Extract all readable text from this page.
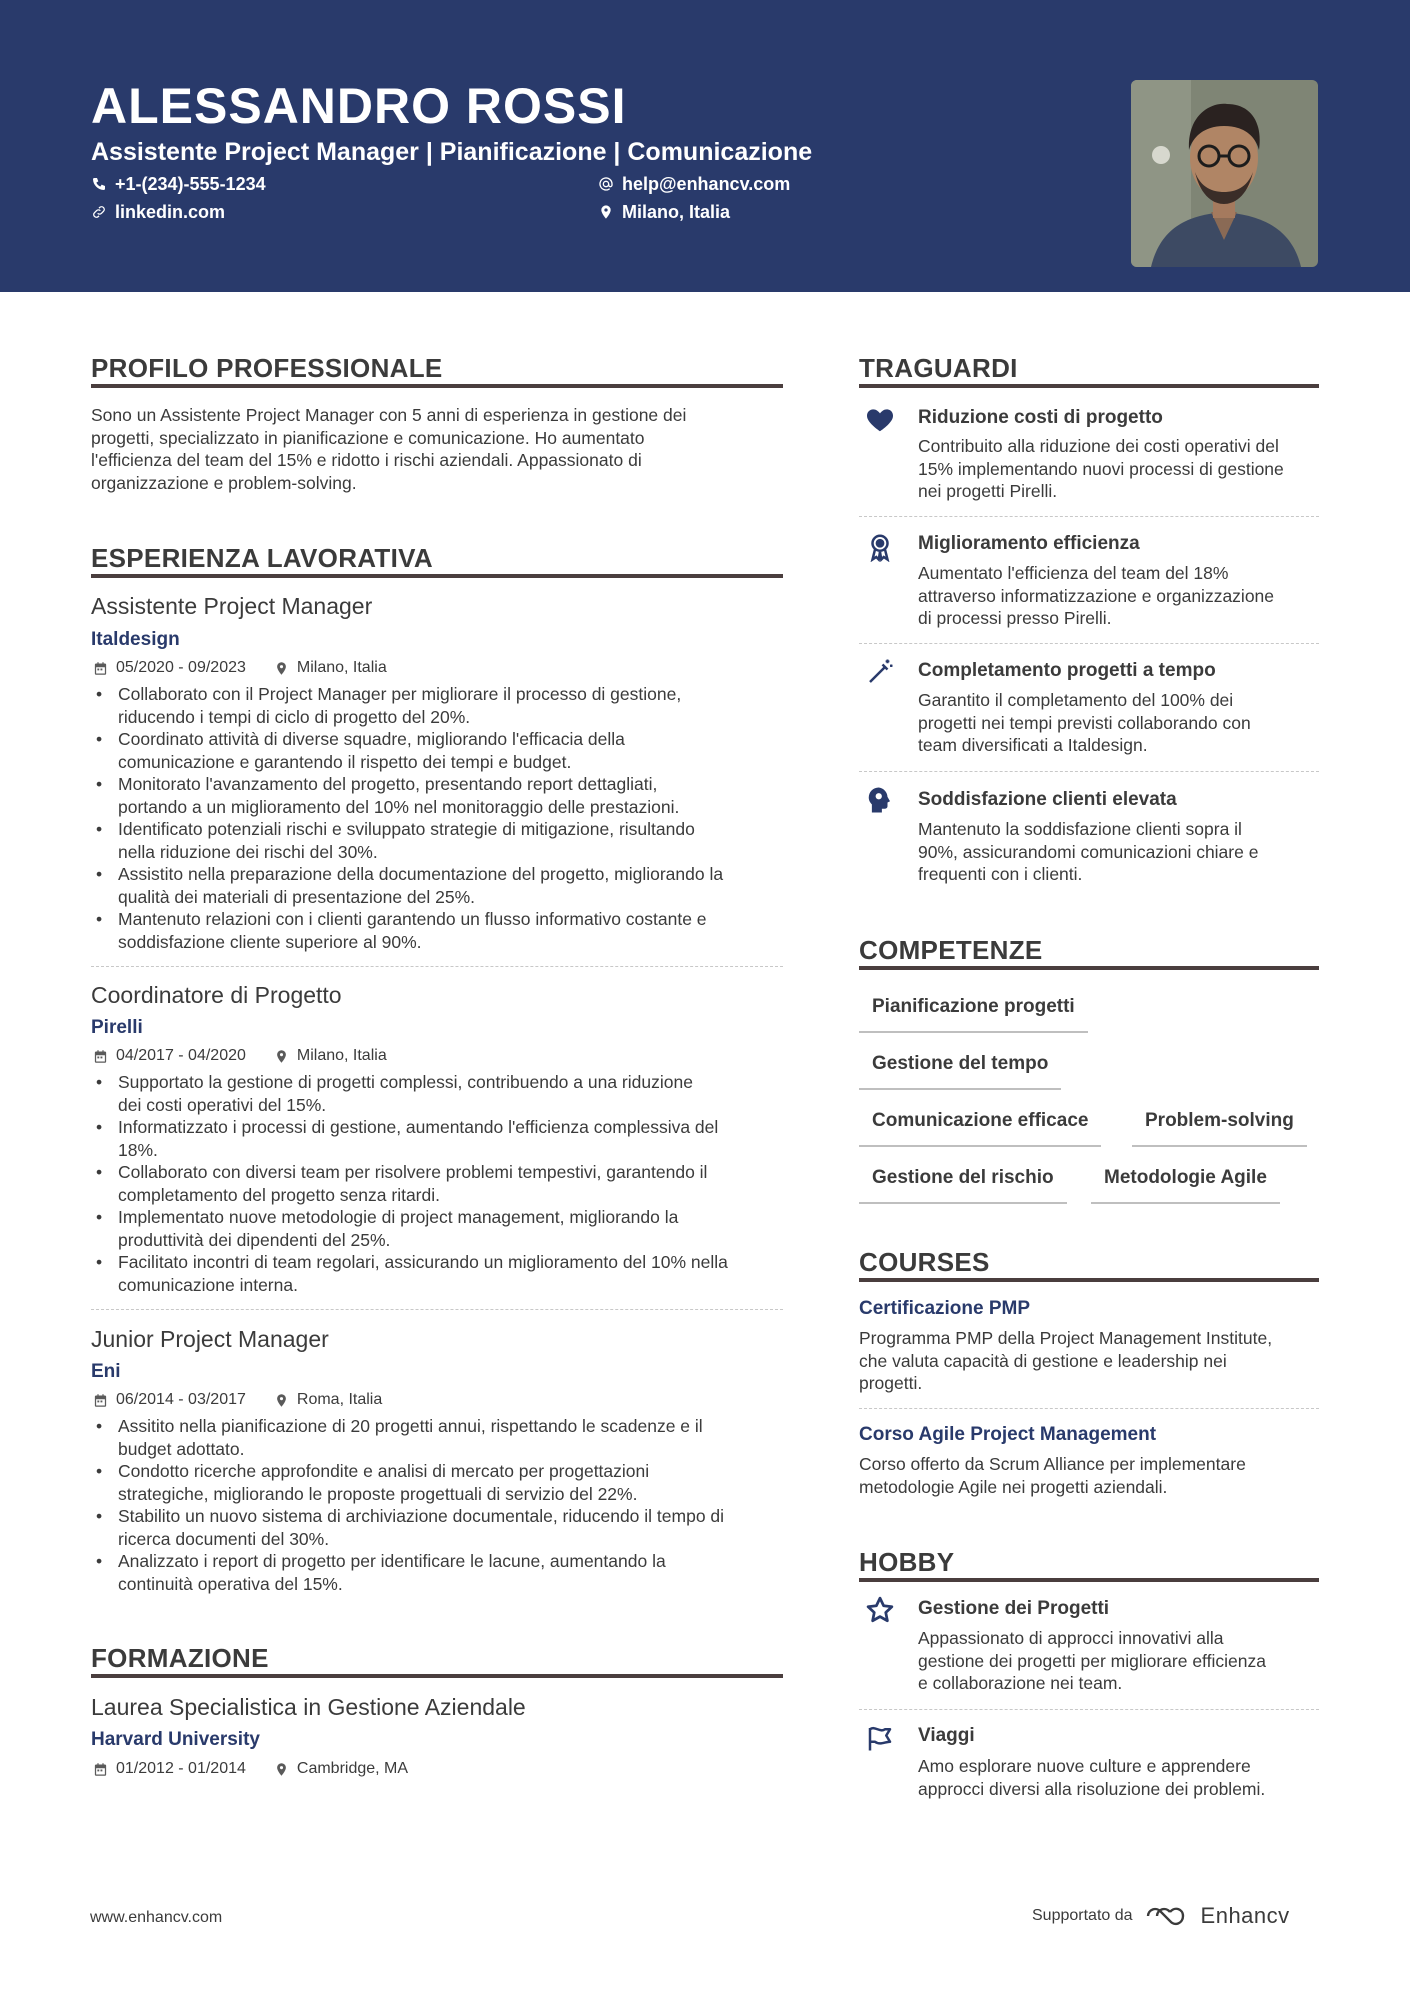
ALESSANDRO ROSSI
Assistente Project Manager | Pianificazione | Comunicazione
+1-(234)-555-1234	help@enhancv.com
linkedin.com	Milano, Italia
PROFILO PROFESSIONALE
Sono un Assistente Project Manager con 5 anni di esperienza in gestione dei
progetti, specializzato in pianificazione e comunicazione. Ho aumentato
l'efficienza del team del 15% e ridotto i rischi aziendali. Appassionato di
organizzazione e problem-solving.
ESPERIENZA LAVORATIVA
Assistente Project Manager
Italdesign
05/2020 - 09/2023	Milano, Italia
• Collaborato con il Project Manager per migliorare il processo di gestione,
riducendo i tempi di ciclo di progetto del 20%.
• Coordinato attività di diverse squadre, migliorando l'efficacia della
comunicazione e garantendo il rispetto dei tempi e budget.
• Monitorato l'avanzamento del progetto, presentando report dettagliati,
portando a un miglioramento del 10% nel monitoraggio delle prestazioni.
• Identificato potenziali rischi e sviluppato strategie di mitigazione, risultando
nella riduzione dei rischi del 30%.
• Assistito nella preparazione della documentazione del progetto, migliorando la
qualità dei materiali di presentazione del 25%.
• Mantenuto relazioni con i clienti garantendo un flusso informativo costante e
soddisfazione cliente superiore al 90%.
Coordinatore di Progetto
Pirelli
04/2017 - 04/2020	Milano, Italia
• Supportato la gestione di progetti complessi, contribuendo a una riduzione
dei costi operativi del 15%.
• Informatizzato i processi di gestione, aumentando l'efficienza complessiva del
18%.
• Collaborato con diversi team per risolvere problemi tempestivi, garantendo il
completamento del progetto senza ritardi.
• Implementato nuove metodologie di project management, migliorando la
produttività dei dipendenti del 25%.
• Facilitato incontri di team regolari, assicurando un miglioramento del 10% nella
comunicazione interna.
Junior Project Manager
Eni
06/2014 - 03/2017	Roma, Italia
• Assitito nella pianificazione di 20 progetti annui, rispettando le scadenze e il
budget adottato.
• Condotto ricerche approfondite e analisi di mercato per progettazioni
strategiche, migliorando le proposte progettuali di servizio del 22%.
• Stabilito un nuovo sistema di archiviazione documentale, riducendo il tempo di
ricerca documenti del 30%.
• Analizzato i report di progetto per identificare le lacune, aumentando la
continuità operativa del 15%.
FORMAZIONE
Laurea Specialistica in Gestione Aziendale
Harvard University
01/2012 - 01/2014	Cambridge, MA
TRAGUARDI
Riduzione costi di progetto
Contribuito alla riduzione dei costi operativi del
15% implementando nuovi processi di gestione
nei progetti Pirelli.
Miglioramento efficienza
Aumentato l'efficienza del team del 18%
attraverso informatizzazione e organizzazione
di processi presso Pirelli.
Completamento progetti a tempo
Garantito il completamento del 100% dei
progetti nei tempi previsti collaborando con
team diversificati a Italdesign.
Soddisfazione clienti elevata
Mantenuto la soddisfazione clienti sopra il
90%, assicurandomi comunicazioni chiare e
frequenti con i clienti.
COMPETENZE
Pianificazione progetti
Gestione del tempo
Comunicazione efficace	Problem-solving
Gestione del rischio	Metodologie Agile
COURSES
Certificazione PMP
Programma PMP della Project Management Institute,
che valuta capacità di gestione e leadership nei
progetti.
Corso Agile Project Management
Corso offerto da Scrum Alliance per implementare
metodologie Agile nei progetti aziendali.
HOBBY
Gestione dei Progetti
Appassionato di approcci innovativi alla
gestione dei progetti per migliorare efficienza
e collaborazione nei team.
Viaggi
Amo esplorare nuove culture e apprendere
approcci diversi alla risoluzione dei problemi.
www.enhancv.com	Supportato da	Enhancv
